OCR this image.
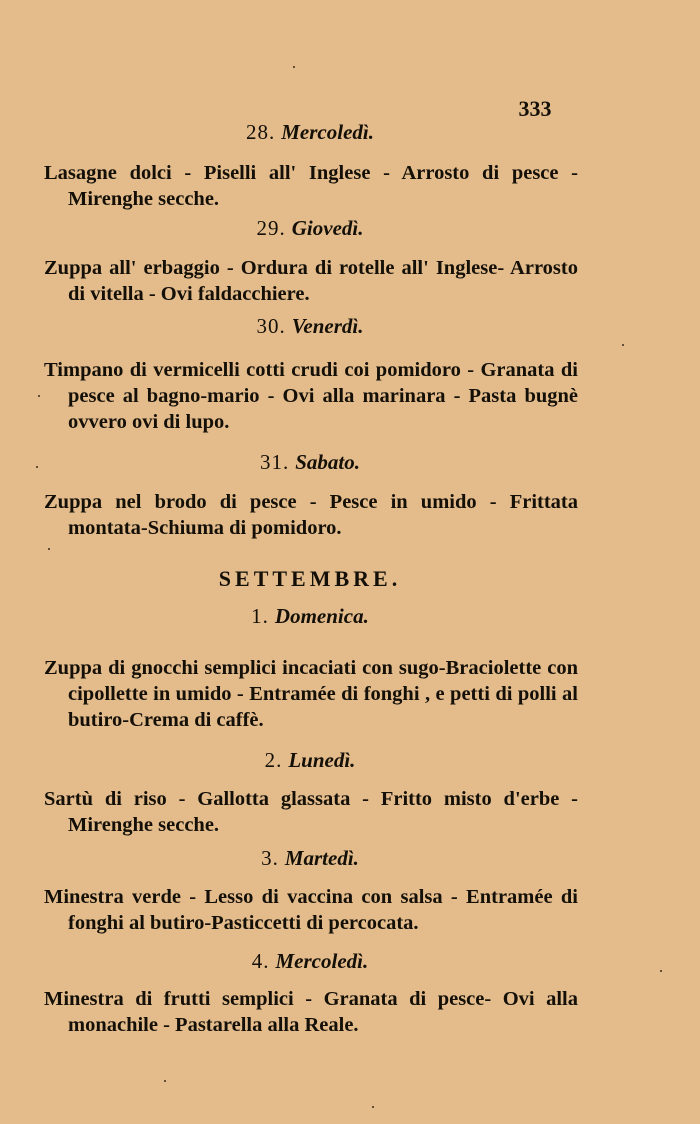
333
28. Mercoledì.
Lasagne dolci - Piselli all' Inglese - Arrosto di pesce - Mirenghe secche.
29. Giovedì.
Zuppa all' erbaggio - Ordura di rotelle all' Inglese- Arrosto di vitella - Ovi faldacchiere.
30. Venerdì.
Timpano di vermicelli cotti crudi coi pomidoro - Granata di pesce al bagno-mario - Ovi alla marinara - Pasta bugnè ovvero ovi di lupo.
31. Sabato.
Zuppa nel brodo di pesce - Pesce in umido - Frittata montata-Schiuma di pomidoro.
SETTEMBRE.
1. Domenica.
Zuppa di gnocchi semplici incaciati con sugo-Braciolette con cipollette in umido - Entramée di fonghi , e petti di polli al butiro-Crema di caffè.
2. Lunedì.
Sartù di riso - Gallotta glassata - Fritto misto d'erbe - Mirenghe secche.
3. Martedì.
Minestra verde - Lesso di vaccina con salsa - Entramée di fonghi al butiro-Pasticcetti di percocata.
4. Mercoledì.
Minestra di frutti semplici - Granata di pesce- Ovi alla monachile - Pastarella alla Reale.
